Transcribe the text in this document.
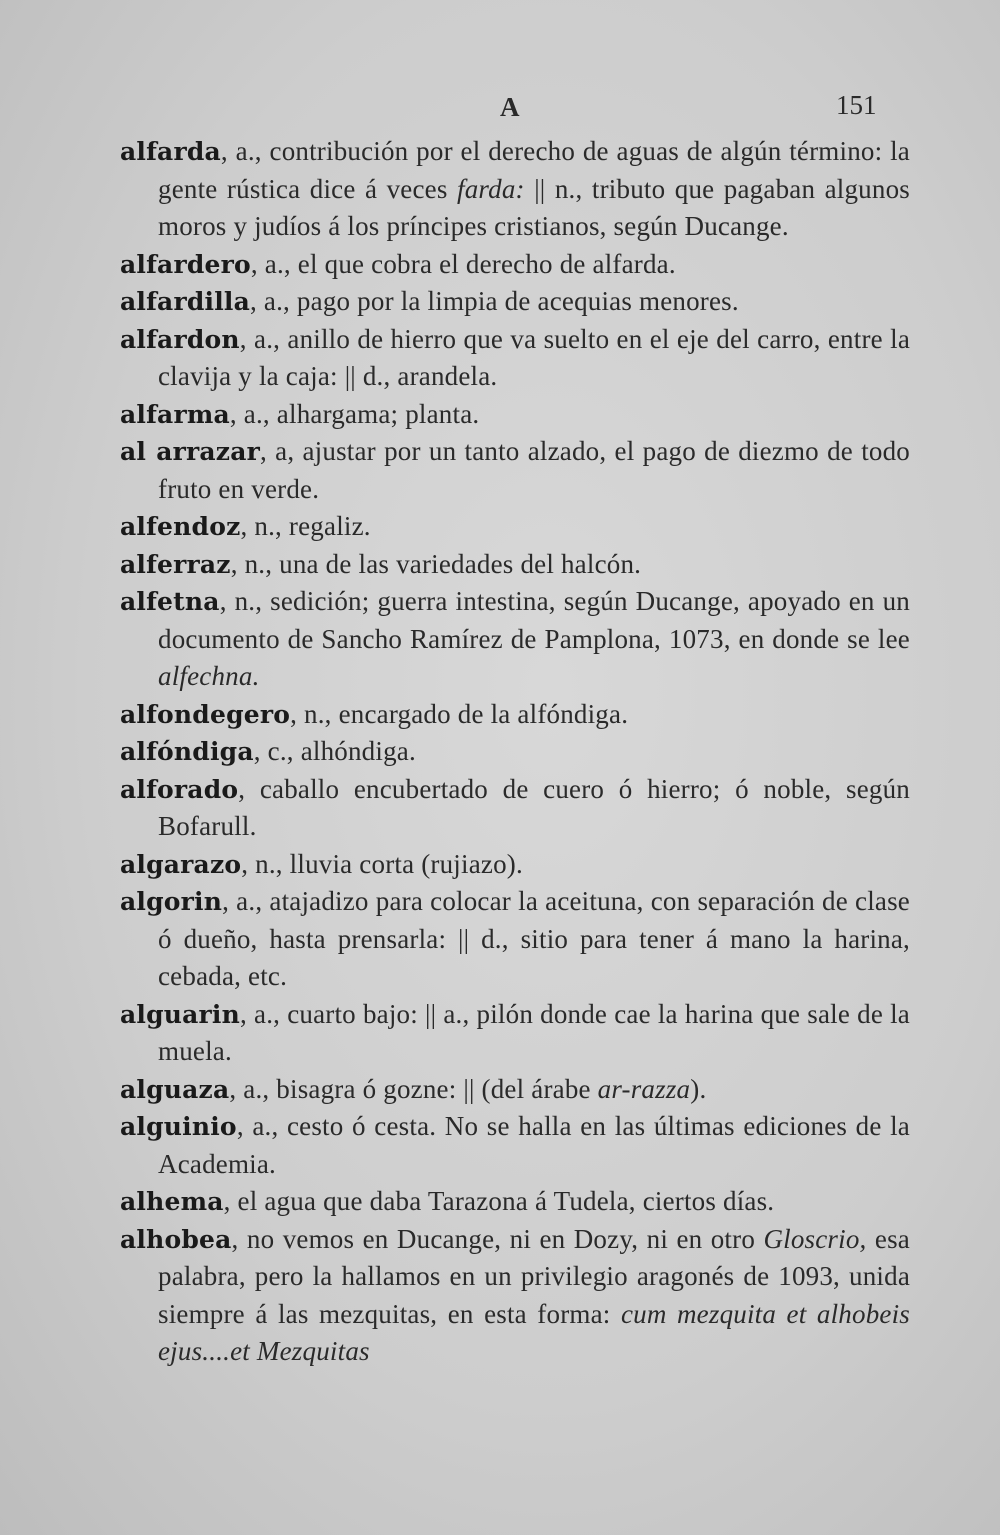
A	151

alfarda, a., contribución por el derecho de aguas de algún término: la gente rústica dice á veces farda: || n., tributo que pagaban algunos moros y judíos á los príncipes cristianos, según Ducange.

alfardero, a., el que cobra el derecho de alfarda.

alfardilla, a., pago por la limpia de acequias menores.

alfardon, a., anillo de hierro que va suelto en el eje del carro, entre la clavija y la caja: || d., arandela.

alfarma, a., alhargama; planta.

al arrazar, a, ajustar por un tanto alzado, el pago de diezmo de todo fruto en verde.

alfendoz, n., regaliz.

alferraz, n., una de las variedades del halcón.

alfetna, n., sedición; guerra intestina, según Ducange, apoyado en un documento de Sancho Ramírez de Pamplona, 1073, en donde se lee alfechna.

alfondegero, n., encargado de la alfóndiga.

alfóndiga, c., alhóndiga.

alforado, caballo encubertado de cuero ó hierro; ó noble, según Bofarull.

algarazo, n., lluvia corta (rujiazo).

algorin, a., atajadizo para colocar la aceituna, con separación de clase ó dueño, hasta prensarla: || d., sitio para tener á mano la harina, cebada, etc.

alguarin, a., cuarto bajo: || a., pilón donde cae la harina que sale de la muela.

alguaza, a., bisagra ó gozne: || (del árabe ar-razza).

alguinio, a., cesto ó cesta. No se halla en las últimas ediciones de la Academia.

alhema, el agua que daba Tarazona á Tudela, ciertos días.

alhobea, no vemos en Ducange, ni en Dozy, ni en otro Gloscrio, esa palabra, pero la hallamos en un privilegio aragonés de 1093, unida siempre á las mezquitas, en esta forma: cum mezquita et alhobeis ejus....et Mezquitas
